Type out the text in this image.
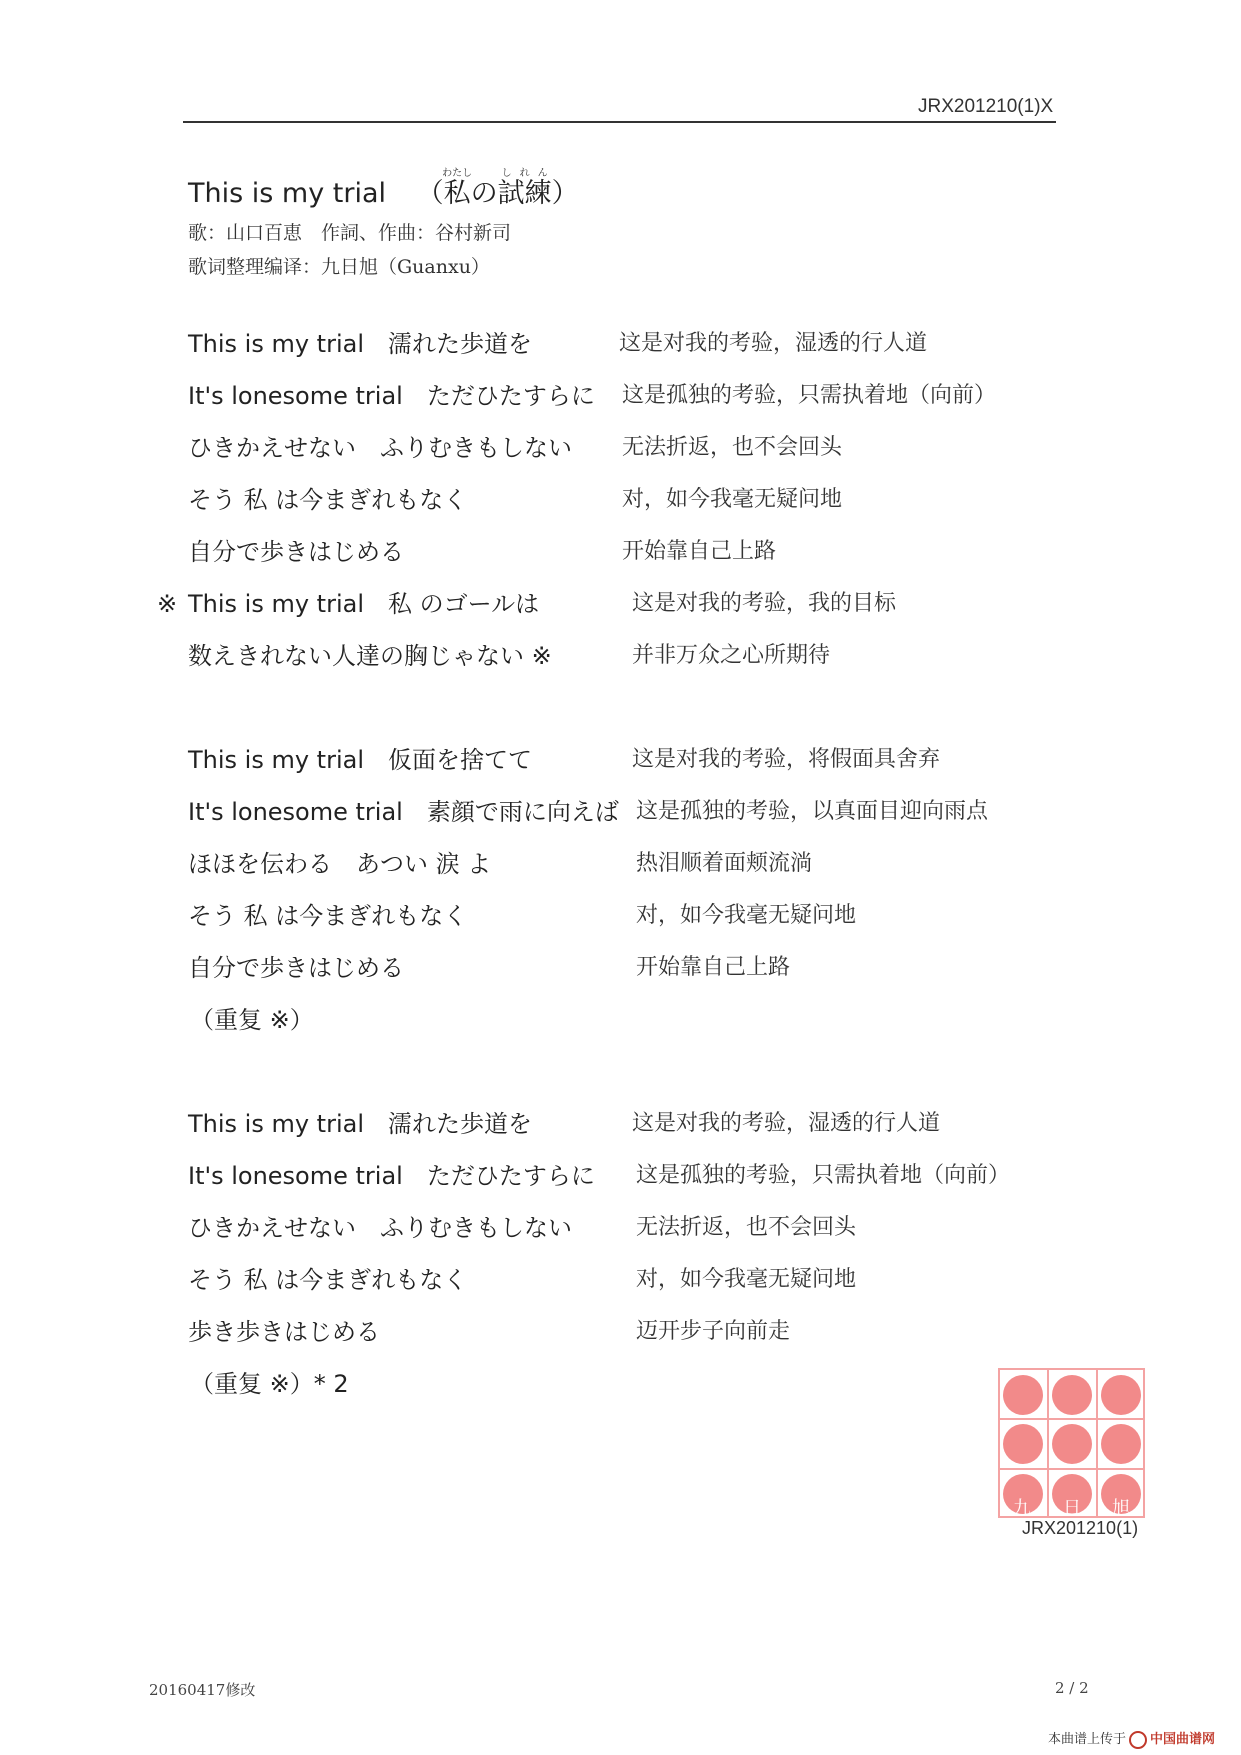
JRX201210(1)X
This is my trial （私わたしの試練しれん）
歌：山口百恵　作詞、作曲：谷村新司
歌词整理编译：九日旭（Guanxu）
This is my trial　濡れた歩道を	这是对我的考验，湿透的行人道
It's lonesome trial　ただひたすらに 这是孤独的考验，只需执着地（向前）
ひきかえせない　ふりむきもしない 无法折返，也不会回头
そう 私 は今まぎれもなく	对，如今我毫无疑问地
自分で歩きはじめる	开始靠自己上路
※ This is my trial　私 のゴールは	这是对我的考验，我的目标
数えきれない人達の胸じゃない ※	并非万众之心所期待
This is my trial　仮面を捨てて	这是对我的考验，将假面具舍弃
It's lonesome trial　素顔で雨に向えば 这是孤独的考验，以真面目迎向雨点
ほほを伝わる　あつい 涙 よ	热泪顺着面颊流淌
そう 私 は今まぎれもなく	对，如今我毫无疑问地
自分で歩きはじめる	开始靠自己上路
（重复 ※）
This is my trial　濡れた歩道を	这是对我的考验，湿透的行人道
It's lonesome trial　ただひたすらに 这是孤独的考验，只需执着地（向前）
ひきかえせない　ふりむきもしない	无法折返，也不会回头
そう 私 は今まぎれもなく	对，如今我毫无疑问地
歩き歩きはじめる	迈开步子向前走
（重复 ※）* 2
九 日 旭
JRX201210(1)
20160417修改	2 / 2
本曲谱上传于 中国曲谱网
